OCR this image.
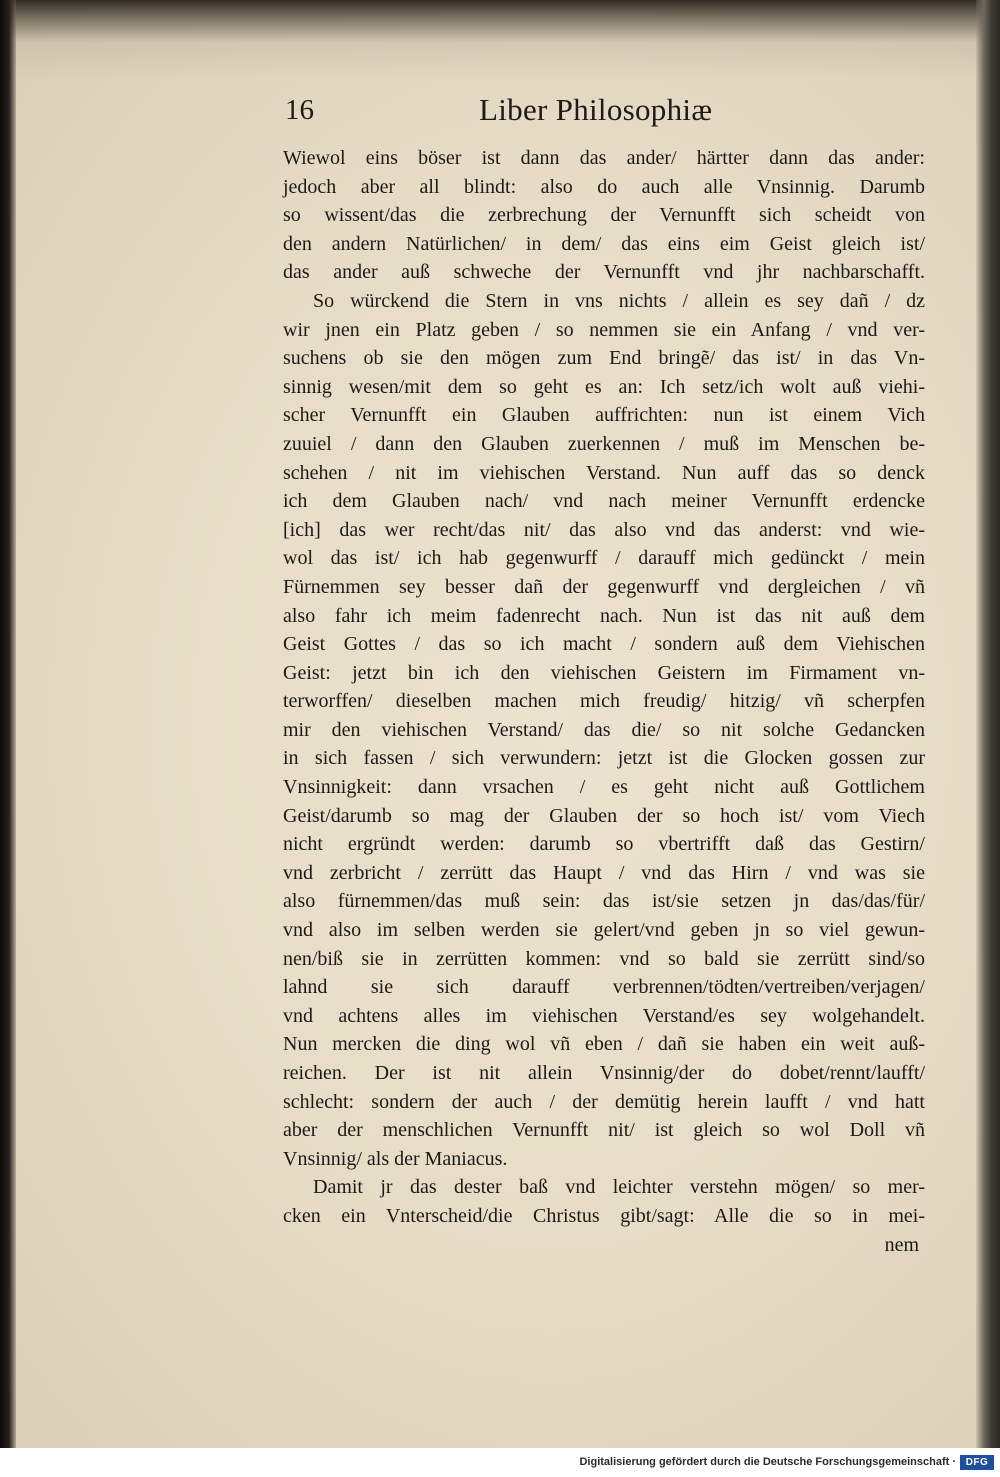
16	Liber Philosophiæ
Wiewol eins böser ist dann das ander/ härtter dann das ander:
jedoch aber all blindt: also do auch alle Vnsinnig. Darumb
so wissent/das die zerbrechung der Vernunfft sich scheidt von
den andern Natürlichen/ in dem/ das eins eim Geist gleich ist/
das ander auß schweche der Vernunfft vnd jhr nachbarschafft.
So würckend die Stern in vns nichts / allein es sey dañ / dz
wir jnen ein Platz geben / so nemmen sie ein Anfang / vnd ver-
suchens ob sie den mögen zum End bringẽ/ das ist/ in das Vn-
sinnig wesen/mit dem so geht es an: Ich setz/ich wolt auß viehi-
scher Vernunfft ein Glauben auffrichten: nun ist einem Vich
zuuiel / dann den Glauben zuerkennen / muß im Menschen be-
schehen / nit im viehischen Verstand. Nun auff das so denck
ich dem Glauben nach/ vnd nach meiner Vernunfft erdencke
[ich] das wer recht/das nit/ das also vnd das anderst: vnd wie-
wol das ist/ ich hab gegenwurff / darauff mich gedünckt / mein
Fürnemmen sey besser dañ der gegenwurff vnd dergleichen / vñ
also fahr ich meim fadenrecht nach. Nun ist das nit auß dem
Geist Gottes / das so ich macht / sondern auß dem Viehischen
Geist: jetzt bin ich den viehischen Geistern im Firmament vn-
terworffen/ dieselben machen mich freudig/ hitzig/ vñ scherpfen
mir den viehischen Verstand/ das die/ so nit solche Gedancken
in sich fassen / sich verwundern: jetzt ist die Glocken gossen zur
Vnsinnigkeit: dann vrsachen / es geht nicht auß Gottlichem
Geist/darumb so mag der Glauben der so hoch ist/ vom Viech
nicht ergründt werden: darumb so vbertrifft daß das Gestirn/
vnd zerbricht / zerrütt das Haupt / vnd das Hirn / vnd was sie
also fürnemmen/das muß sein: das ist/sie setzen jn das/das/für/
vnd also im selben werden sie gelert/vnd geben jn so viel gewun-
nen/biß sie in zerrütten kommen: vnd so bald sie zerrütt sind/so
lahnd sie sich darauff verbrennen/tödten/vertreiben/verjagen/
vnd achtens alles im viehischen Verstand/es sey wolgehandelt.
Nun mercken die ding wol vñ eben / dañ sie haben ein weit auß-
reichen. Der ist nit allein Vnsinnig/der do dobet/rennt/laufft/
schlecht: sondern der auch / der demütig herein laufft / vnd hatt
aber der menschlichen Vernunfft nit/ ist gleich so wol Doll vñ
Vnsinnig/ als der Maniacus.
Damit jr das dester baß vnd leichter verstehn mögen/ so mer-
cken ein Vnterscheid/die Christus gibt/sagt: Alle die so in mei-
nem
Digitalisierung gefördert durch die Deutsche Forschungsgemeinschaft · DFG
